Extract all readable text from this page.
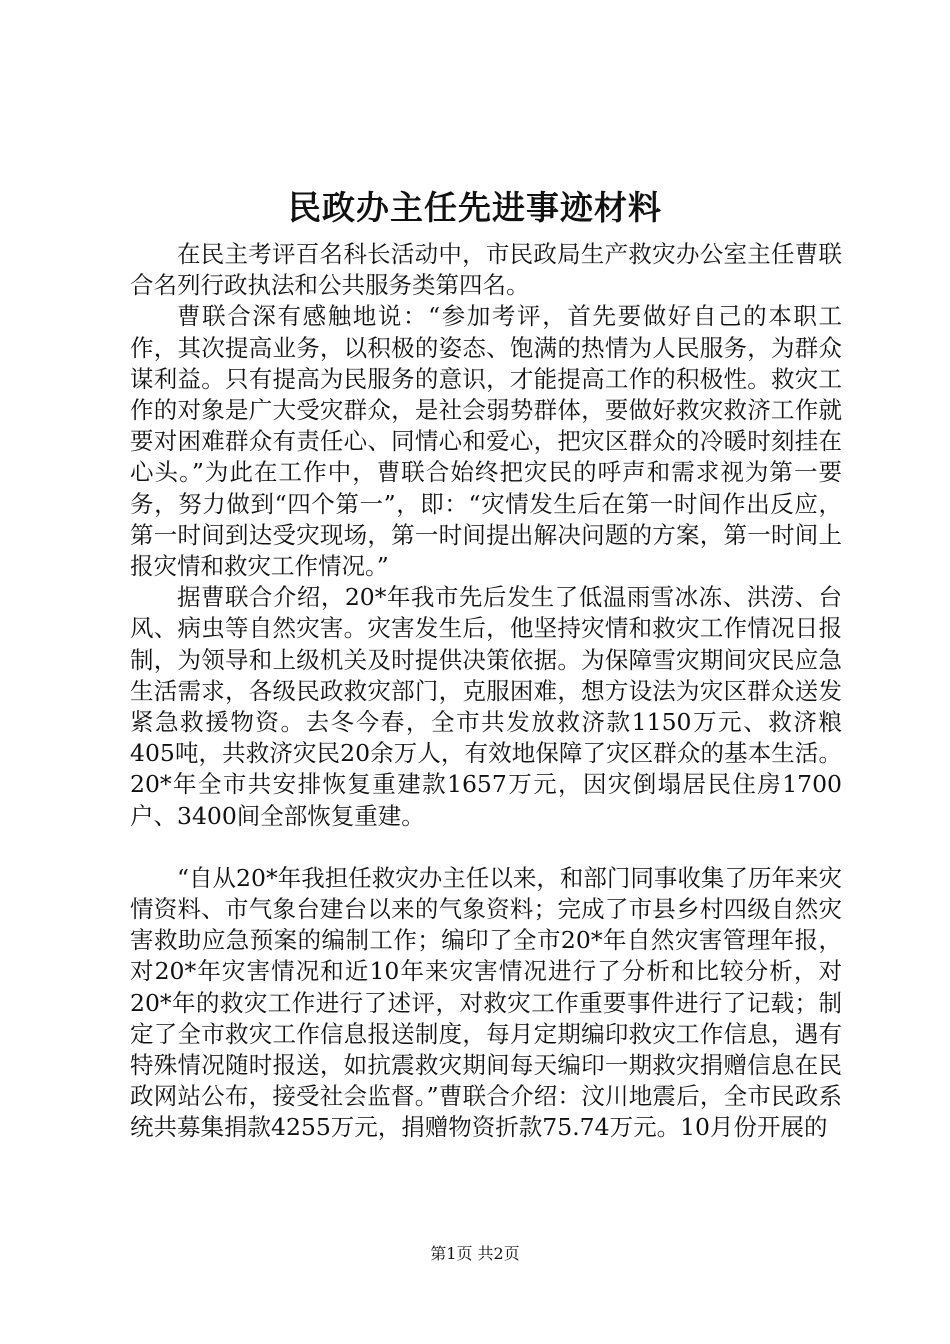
民政办主任先进事迹材料

在民主考评百名科长活动中，市民政局生产救灾办公室主任曹联合名列行政执法和公共服务类第四名。

曹联合深有感触地说：“参加考评，首先要做好自己的本职工作，其次提高业务，以积极的姿态、饱满的热情为人民服务，为群众谋利益。只有提高为民服务的意识，才能提高工作的积极性。救灾工作的对象是广大受灾群众，是社会弱势群体，要做好救灾救济工作就要对困难群众有责任心、同情心和爱心，把灾区群众的冷暖时刻挂在心头。”为此在工作中，曹联合始终把灾民的呼声和需求视为第一要务，努力做到“四个第一”，即：“灾情发生后在第一时间作出反应，第一时间到达受灾现场，第一时间提出解决问题的方案，第一时间上报灾情和救灾工作情况。”

据曹联合介绍，20*年我市先后发生了低温雨雪冰冻、洪涝、台风、病虫等自然灾害。灾害发生后，他坚持灾情和救灾工作情况日报制，为领导和上级机关及时提供决策依据。为保障雪灾期间灾民应急生活需求，各级民政救灾部门，克服困难，想方设法为灾区群众送发紧急救援物资。去冬今春，全市共发放救济款1150万元、救济粮405吨，共救济灾民20余万人，有效地保障了灾区群众的基本生活。20*年全市共安排恢复重建款1657万元，因灾倒塌居民住房1700户、3400间全部恢复重建。

“自从20*年我担任救灾办主任以来，和部门同事收集了历年来灾情资料、市气象台建台以来的气象资料；完成了市县乡村四级自然灾害救助应急预案的编制工作；编印了全市20*年自然灾害管理年报，对20*年灾害情况和近10年来灾害情况进行了分析和比较分析，对20*年的救灾工作进行了述评，对救灾工作重要事件进行了记载；制定了全市救灾工作信息报送制度，每月定期编印救灾工作信息，遇有特殊情况随时报送，如抗震救灾期间每天编印一期救灾捐赠信息在民政网站公布，接受社会监督。”曹联合介绍：汶川地震后，全市民政系统共募集捐款4255万元，捐赠物资折款75.74万元。10月份开展的

第1页 共2页
